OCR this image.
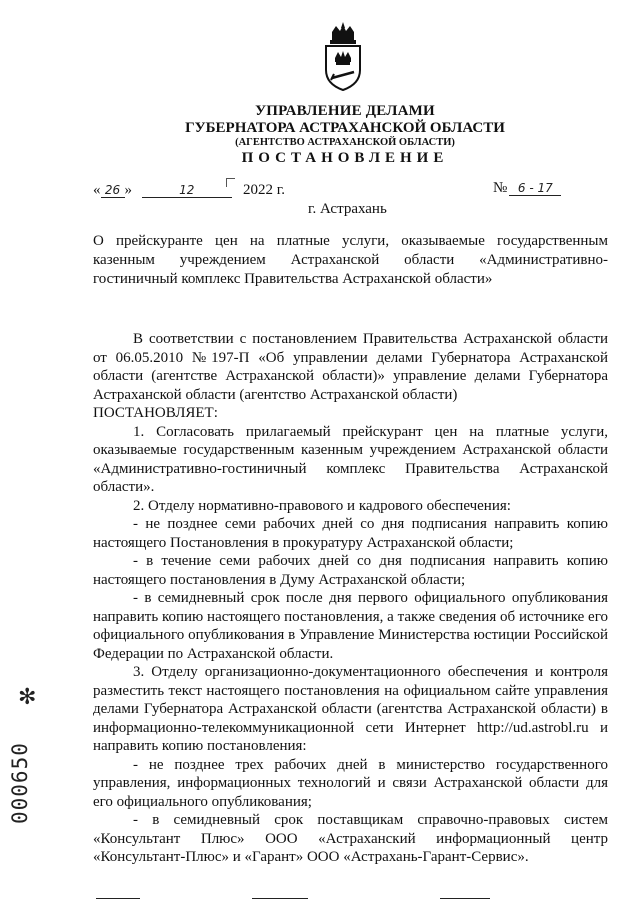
УПРАВЛЕНИЕ ДЕЛАМИ
ГУБЕРНАТОРА АСТРАХАНСКОЙ ОБЛАСТИ
(АГЕНТСТВО АСТРАХАНСКОЙ ОБЛАСТИ)
ПОСТАНОВЛЕНИЕ
« 26 »	12	2022 г.	№ 6 - 17
г. Астрахань
О прейскуранте цен на платные услуги, оказываемые государственным казенным учреждением Астраханской области «Административно-гостиничный комплекс Правительства Астраханской области»

В соответствии с постановлением Правительства Астраханской области от 06.05.2010 №197-П «Об управлении делами Губернатора Астраханской области (агентстве Астраханской области)» управление делами Губернатора Астраханской области (агентство Астраханской области)

ПОСТАНОВЛЯЕТ:

1. Согласовать прилагаемый прейскурант цен на платные услуги, оказываемые государственным казенным учреждением Астраханской области «Административно-гостиничный комплекс Правительства Астраханской области».

2. Отделу нормативно-правового и кадрового обеспечения:

- не позднее семи рабочих дней со дня подписания направить копию настоящего Постановления в прокуратуру Астраханской области;

- в течение семи рабочих дней со дня подписания направить копию настоящего постановления в Думу Астраханской области;

- в семидневный срок после дня первого официального опубликования направить копию настоящего постановления, а также сведения об источнике его официального опубликования в Управление Министерства юстиции Российской Федерации по Астраханской области.

3. Отделу организационно-документационного обеспечения и контроля разместить текст настоящего постановления на официальном сайте управления делами Губернатора Астраханской области (агентства Астраханской области) в информационно-телекоммуникационной сети Интернет http://ud.astrobl.ru и направить копию постановления:

- не позднее трех рабочих дней в министерство государственного управления, информационных технологий и связи Астраханской области для его официального опубликования;

- в семидневный срок поставщикам справочно-правовых систем «Консультант Плюс» ООО «Астраханский информационный центр «Консультант-Плюс» и «Гарант» ООО «Астрахань-Гарант-Сервис».

✻
000650
